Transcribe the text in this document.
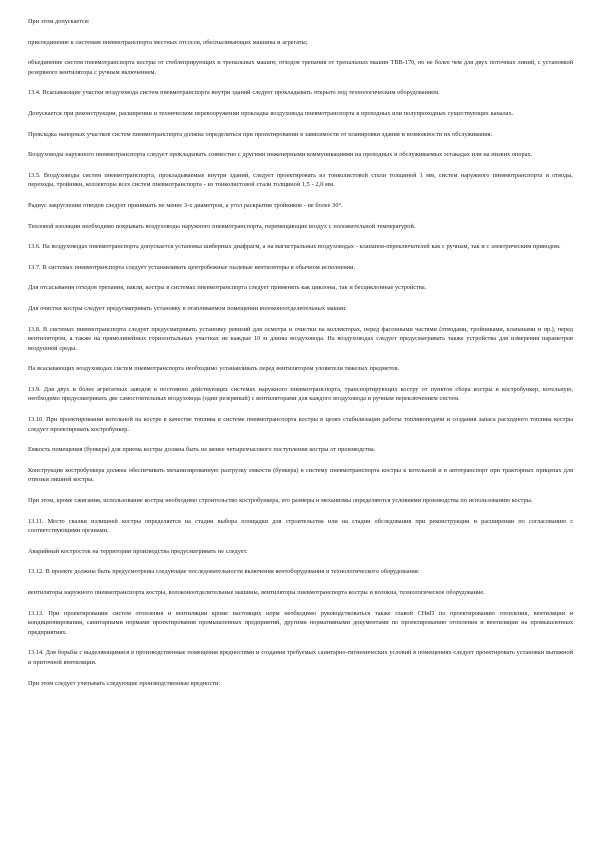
При этом допускается:

присоединение к системам пневмотранспорта местных отсосов, обеспыливающих машины и агрегаты;

объединение систем пневмотранспорта костры от стеблеприрующих и трепальных машин; отходов трепания от трепальных машин ТВВ-170, но не более чем для двух поточных линий, с установкой резервного вентилятора с ручным включением.

13.4. Всасывающие участки воздуховода систем пневмотранспорта внутри зданий следует прокладывать открыто под технологическим оборудованием.

Допускается при реконструкции, расширении и техническом перевооружении прокладка воздуховода пневмотранспорта в проходных или полупроходных существующих каналах.

Прокладка напорных участков систем пневмотранспорта должна определяться при проектировании в зависимости от планировки здания и возможности их обслуживания.

Воздуховоды наружного пневмотранспорта следует прокладывать совместно с другими инженерными коммуникациями на проходных и обслуживаемых эстакадах или на низких опорах.

13.5. Воздуховоды систем пневмотранспорта, прокладываемые внутри зданий, следует проектировать из тонколистовой стали толщиной 1 мм, систем наружного пневмотранспорта и отводы, переходы, тройники, коллекторы всех систем пневмотранспорта - из тонколистовой стали толщиной 1,5 - 2,0 мм.

Радиус закругления отводов следует принимать не менее 3-х диаметров, а угол раскрытия тройников - не более 30°.

Тепловой изоляции необходимо покрывать воздуховоды наружного пневмотранспорта, перемещающие воздух с положительной температурой.

13.6. На воздуховодах пневмотранспорта допускается установка шиберных диафрагм, а на магистральных воздуховодах - клапанов-переключателей как с ручным, так и с электрическим приводом.

13.7. В системах пневмотранспорта следует устанавливать центробежные пылевые вентиляторы в обычном исполнении.

Для отсасывания отходов трепания, пакли, костры в системах пневмотранспорта следует применять как циклоны, так и бесциклонные устройства.

Для очистки костры следует предусматривать установку в отапливаемом помещении волоконоотделительных машин.

13.8. В системах пневмотранспорта следует предусматривать установку ревизий для осмотра и очистки на коллекторах, перед фасонными частями (отводами, тройниками, клапанами и пр.), перед вентилятором, а также на прямолинейных горизонтальных участках не каждые 10 м длины воздуховода. На воздуховодах следует предусматривать также устройства для измерения параметров воздушной среды.

На всасывающих воздуховодах систем пневмотранспорта необходимо устанавливать перед вентилятором уловители тяжелых предметов.

13.9. Для двух и более агрегатных заводов в постоянно действующих системах наружного пневмотранспорта, транспортирующих костру от пунктов сбора костры в костробункер, котельную, необходимо предусматривать две самостоятельных воздуховода (один резервный) с вентиляторами для каждого воздуховода и ручным переключением систем.

13.10. При проектировании котельной на костре в качестве топлива в системе пневмотранспорта костры в целях стабилизации работы топливоподачи и создания запаса расходного топлива костры следует проектировать костробункер.

Емкость помещения (бункера) для приема костры должна быть не менее четырехчасового поступления костры от производства.

Конструкция костробункера должна обеспечивать механизированную разгрузку емкости (бункера) в систему пневмотранспорта костры к котельной и в автотранспорт при тракторных прицепах для отвозки лишней костры.

При этом, кроме сжигания, использование костры необходимо строительство костробункера, его размеры и механизмы определяются условиями производства по использованию костры.

13.11. Место свалки излишней костры определяется на стадии выбора площадки для строительства или на стадии обследования при реконструкции и расширении по согласованию с соответствующими органами.

Аварийный костросток на территории производства предусматривать не следует.

13.12. В проекте должны быть предусмотрены следующие последовательности включения вентоборудования и технологического оборудования:

вентиляторы наружного пневмотранспорта костры, волоконоотделительные машины, вентиляторы пневмотранспорта костры и волокна, технологическое оборудование.

13.13. При проектировании систем отопления и вентиляции кроме настоящих норм необходимо руководствоваться также главой СНиП по проектированию отопления, вентиляции и кондиционирования, санитарными нормами проектирования промышленных предприятий, другими нормативными документами по проектированию отопления и вентиляции на промышленных предприятиях.

13.14. Для борьбы с выделяющимися в производственные помещения вредностями и создания требуемых санитарно-гигиенических условий в помещениях следует проектировать установки вытяжной и приточной вентиляции.

При этом следует учитывать следующие производственные вредности:
